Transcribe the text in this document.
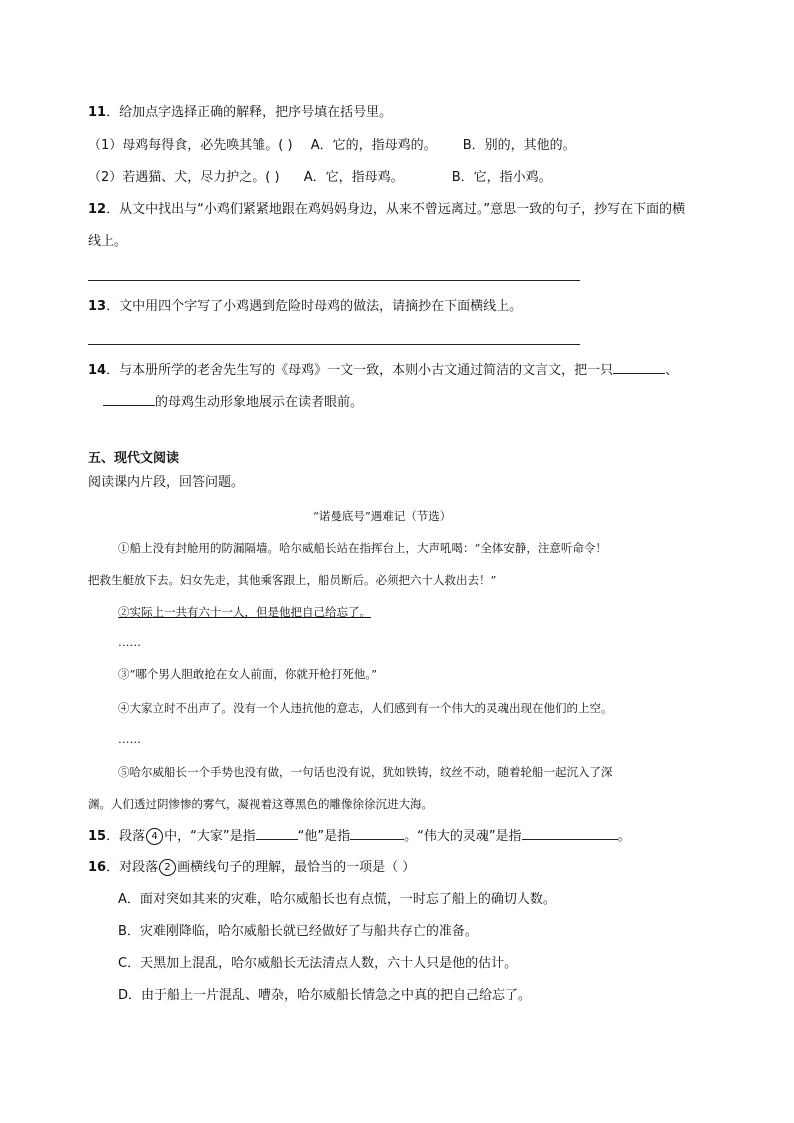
11．给加点字选择正确的解释，把序号填在括号里。
（1）母鸡每得食，必先唤其雏。( ) A．它的，指母鸡的。 B．别的，其他的。
（2）若遇猫、犬，尽力护之。( ) A．它，指母鸡。	B．它，指小鸡。
12．从文中找出与“小鸡们紧紧地跟在鸡妈妈身边，从来不曾远离过。”意思一致的句子，抄写在下面的横
线上。
13．文中用四个字写了小鸡遇到危险时母鸡的做法，请摘抄在下面横线上。
14．与本册所学的老舍先生写的《母鸡》一文一致，本则小古文通过简洁的文言文，把一只	、
的母鸡生动形象地展示在读者眼前。
五、现代文阅读
阅读课内片段，回答问题。
“诺曼底号”遇难记（节选）
①船上没有封舱用的防漏隔墙。哈尔威船长站在指挥台上，大声吼喝：“全体安静，注意听命令！
把救生艇放下去。妇女先走，其他乘客跟上，船员断后。必须把六十人救出去！”
②实际上一共有六十一人，但是他把自己给忘了。
……
③“哪个男人胆敢抢在女人前面，你就开枪打死他。”
④大家立时不出声了。没有一个人违抗他的意志，人们感到有一个伟大的灵魂出现在他们的上空。
……
⑤哈尔威船长一个手势也没有做，一句话也没有说，犹如铁铸，纹丝不动，随着轮船一起沉入了深
渊。人们透过阴惨惨的雾气，凝视着这尊黑色的雕像徐徐沉进大海。
15．段落 4 中，“大家”是指	“他”是指	。“伟大的灵魂”是指	。
16．对段落 2 画横线句子的理解，最恰当的一项是（ ）
A．面对突如其来的灾难，哈尔威船长也有点慌，一时忘了船上的确切人数。
B．灾难刚降临，哈尔威船长就已经做好了与船共存亡的准备。
C．天黑加上混乱，哈尔威船长无法清点人数，六十人只是他的估计。
D．由于船上一片混乱、嘈杂，哈尔威船长情急之中真的把自己给忘了。
